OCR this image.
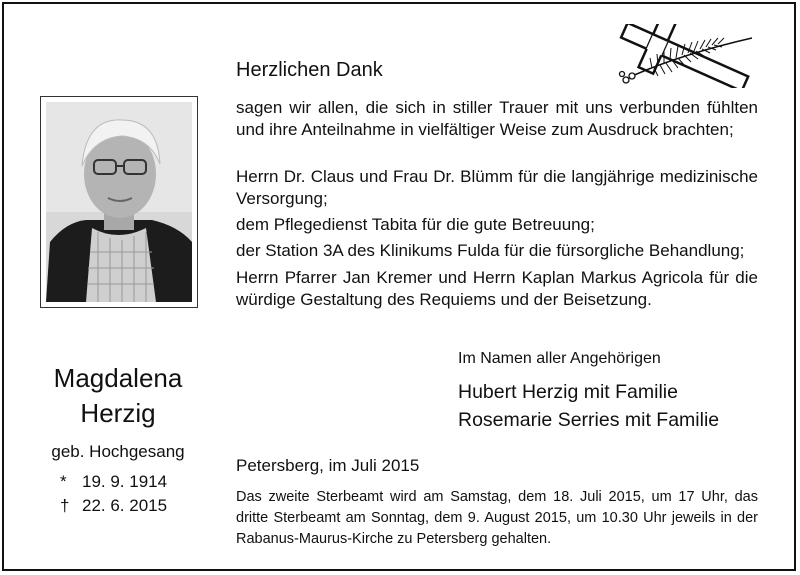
Magdalena
Herzig
geb. Hochgesang
* 19. 9. 1914
† 22. 6. 2015
Herzlichen Dank
sagen wir allen, die sich in stiller Trauer mit uns verbunden fühlten und ihre Anteilnahme in vielfältiger Weise zum Ausdruck brachten;
Herrn Dr. Claus und Frau Dr. Blümm für die langjährige medizinische Versorgung;
dem Pflegedienst Tabita für die gute Betreuung;
der Station 3A des Klinikums Fulda für die fürsorgliche Behandlung;
Herrn Pfarrer Jan Kremer und Herrn Kaplan Markus Agricola für die würdige Gestaltung des Requiems und der Beisetzung.
Im Namen aller Angehörigen
Hubert Herzig mit Familie
Rosemarie Serries mit Familie
Petersberg, im Juli 2015
Das zweite Sterbeamt wird am Samstag, dem 18. Juli 2015, um 17 Uhr, das dritte Sterbeamt am Sonntag, dem 9. August 2015, um 10.30 Uhr jeweils in der Rabanus-Maurus-Kirche zu Petersberg gehalten.
